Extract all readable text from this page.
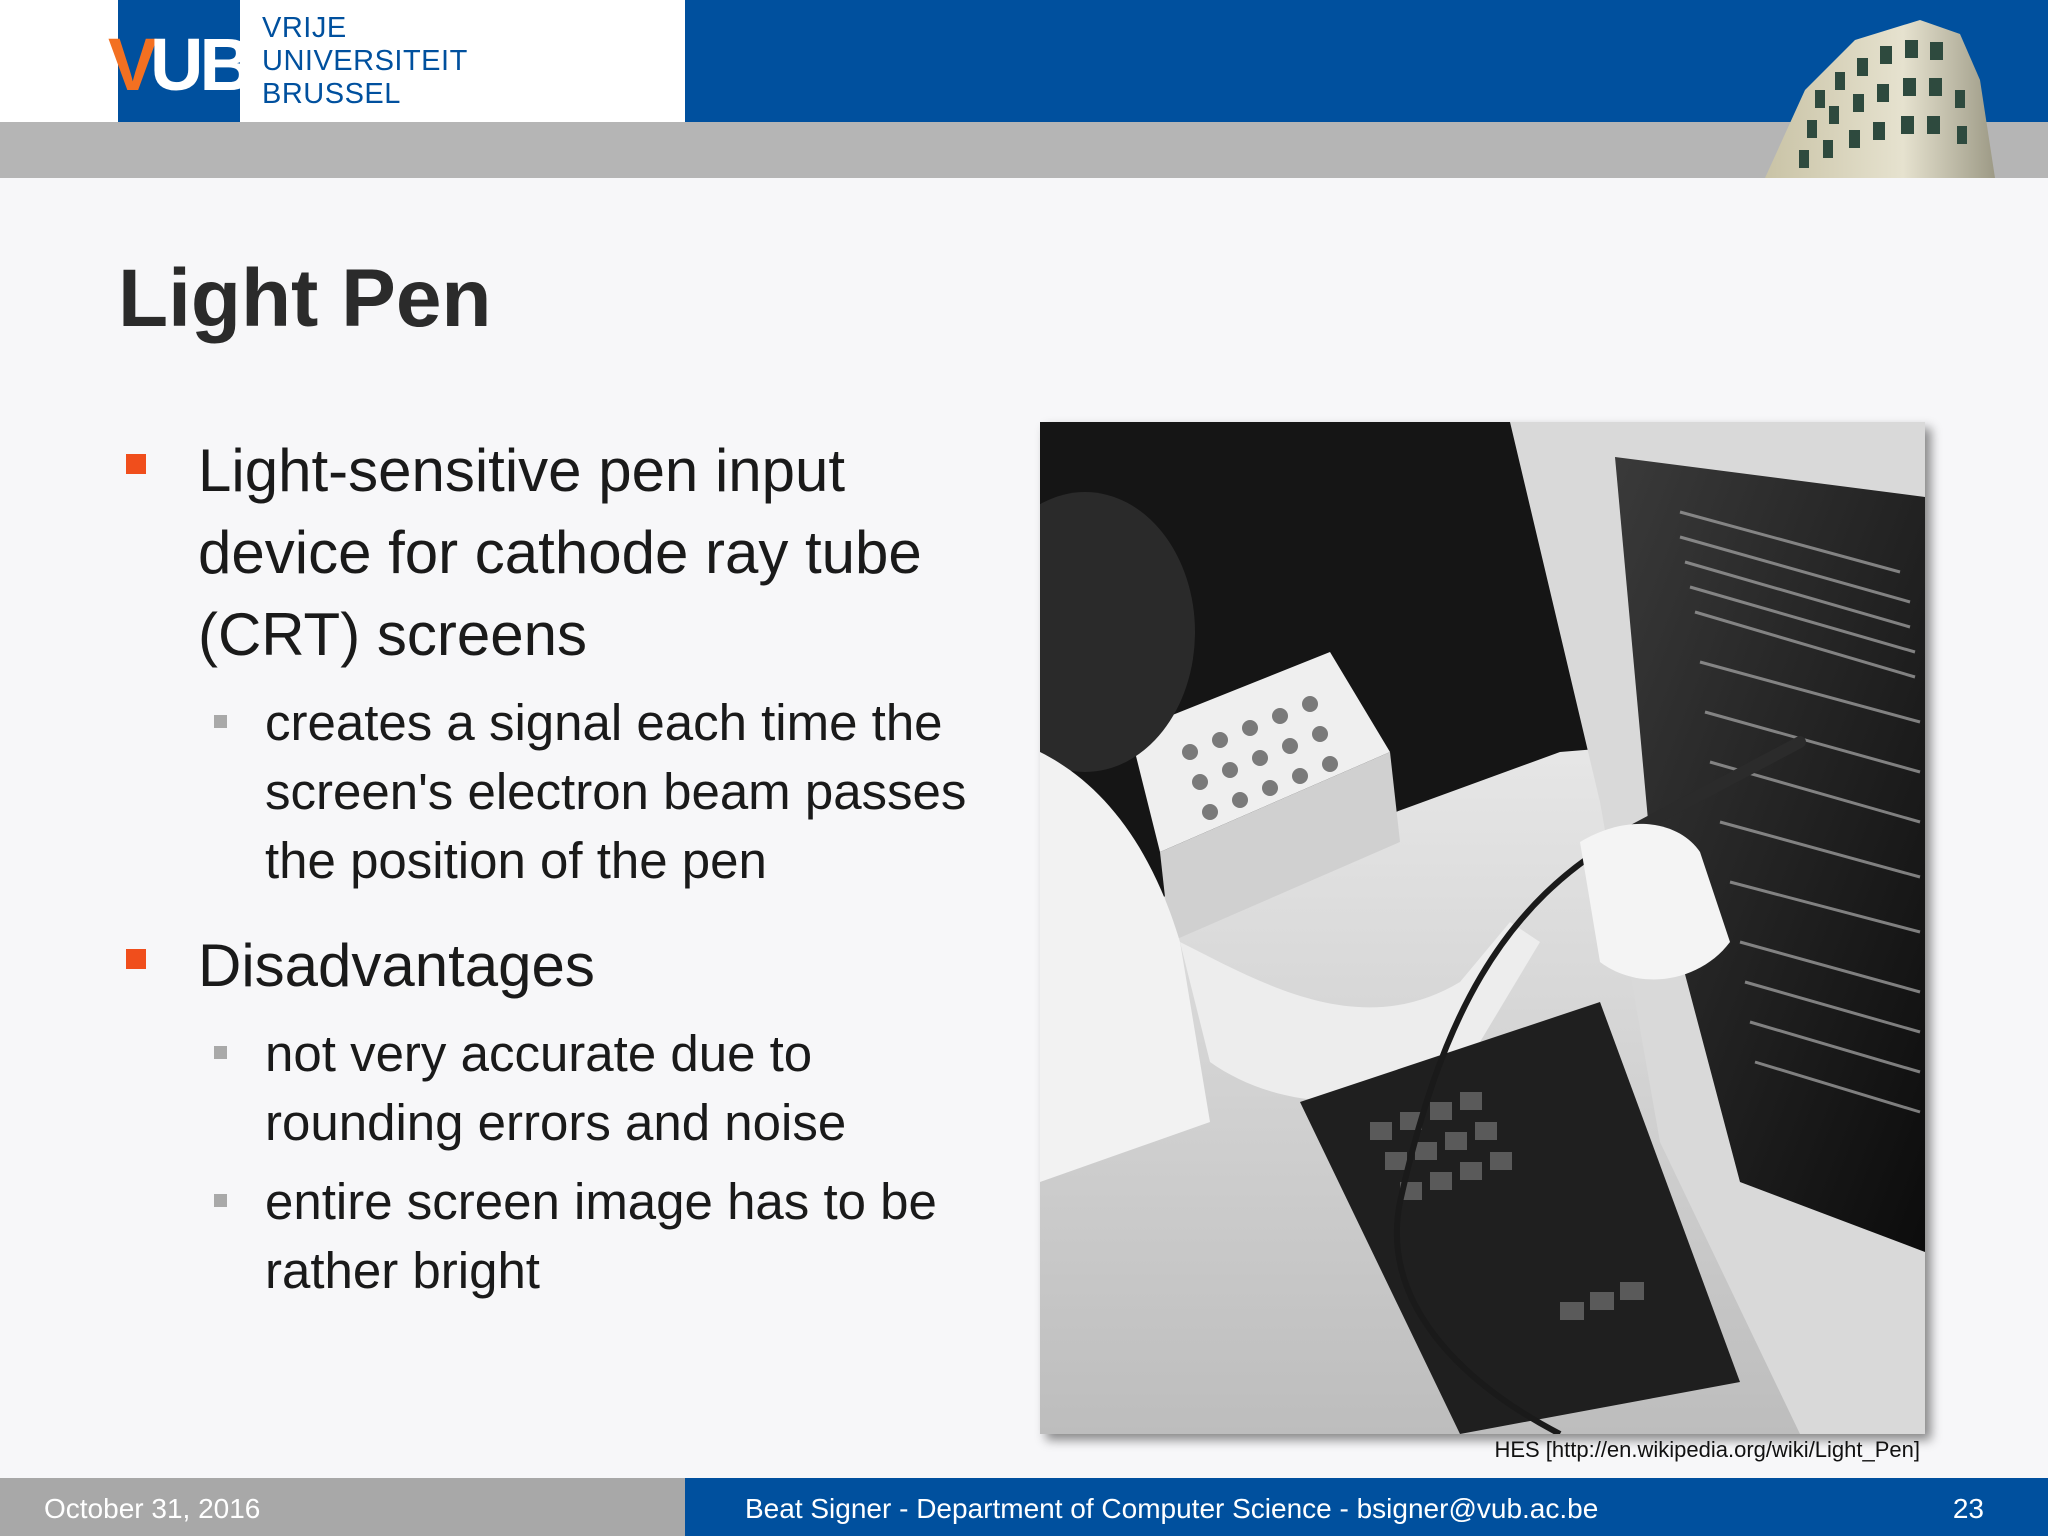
V
UB VRIJE
UNIVERSITEIT
BRUSSEL
Light Pen
Light-sensitive pen input device for cathode ray tube (CRT) screens
creates a signal each time the screen's electron beam passes the position of the pen
Disadvantages
not very accurate due to rounding errors and noise
entire screen image has to be rather bright
HES [http://en.wikipedia.org/wiki/Light_Pen]
October 31, 2016	Beat Signer - Department of Computer Science - bsigner@vub.ac.be	23
